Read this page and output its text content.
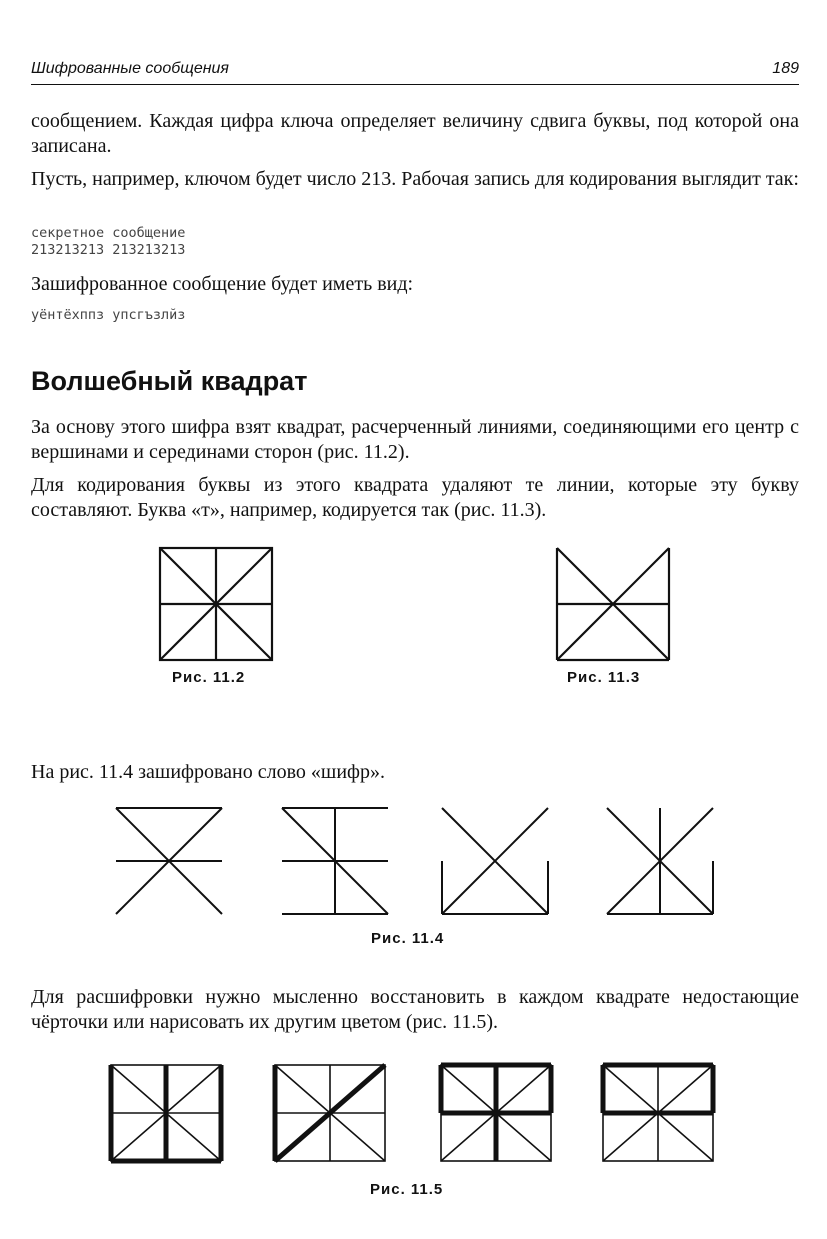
Шифрованные сообщения	189

сообщением. Каждая цифра ключа определяет величину сдвига буквы, под которой она записана.

Пусть, например, ключом будет число 213. Рабочая запись для кодирования выглядит так:

секретное сообщение
213213213 213213213

Зашифрованное сообщение будет иметь вид:

уёнтёхппз упсгъзлйз
Волшебный квадрат

За основу этого шифра взят квадрат, расчерченный линиями, соединяющими его центр с вершинами и серединами сторон (рис. 11.2).

Для кодирования буквы из этого квадрата удаляют те линии, которые эту букву составляют. Буква «т», например, кодируется так (рис. 11.3).

Рис. 11.2	Рис. 11.3

На рис. 11.4 зашифровано слово «шифр».

Рис. 11.4

Для расшифровки нужно мысленно восстановить в каждом квадрате недостающие чёрточки или нарисовать их другим цветом (рис. 11.5).

Рис. 11.5
